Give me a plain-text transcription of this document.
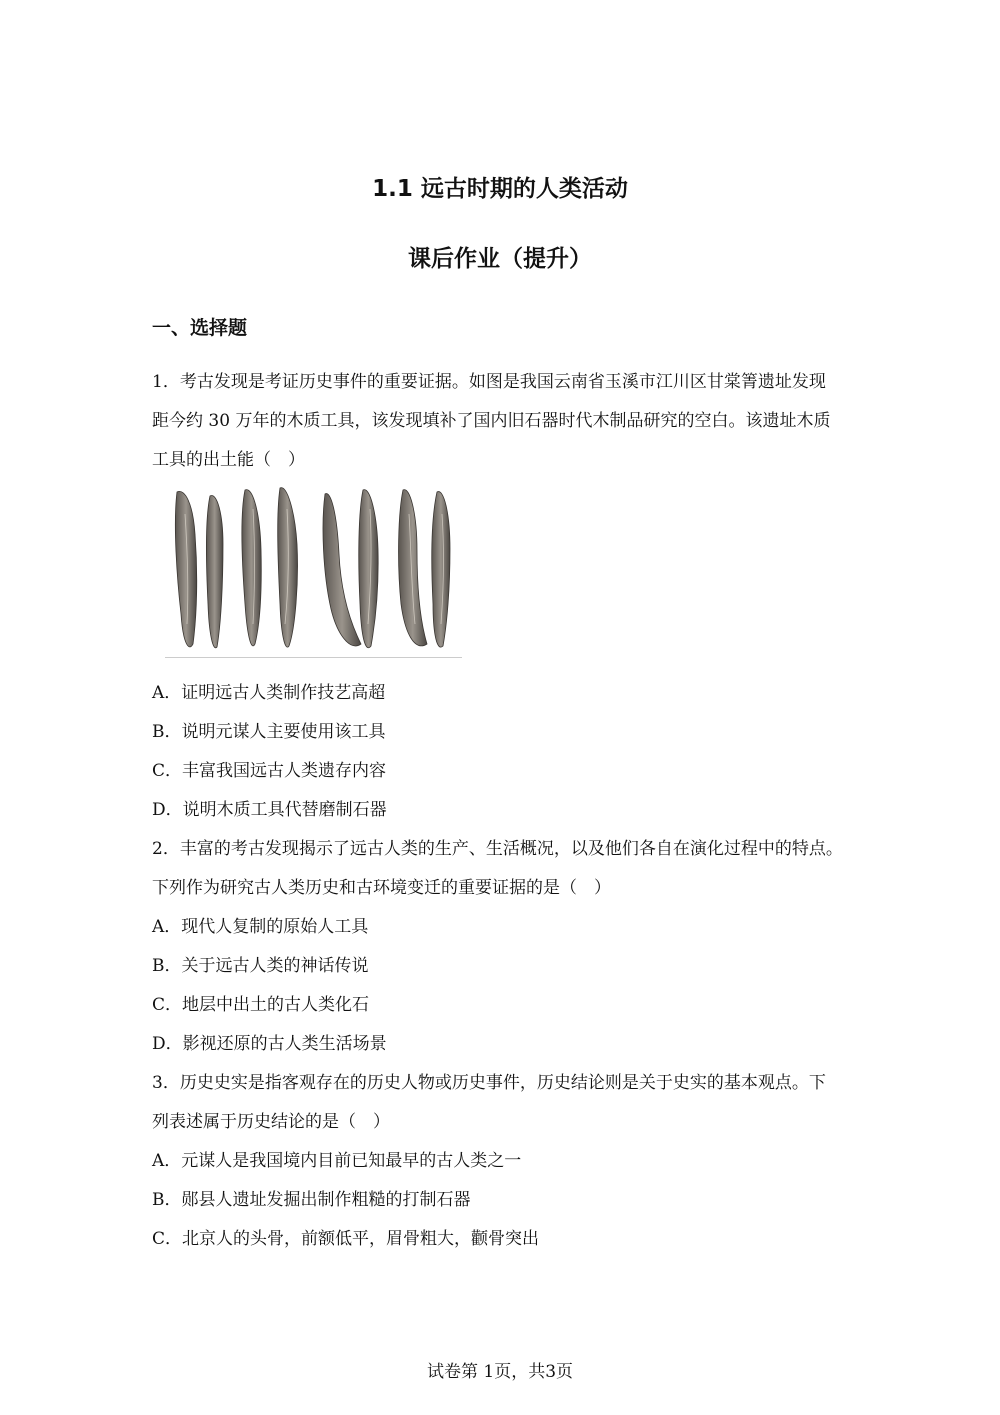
1.1 远古时期的人类活动
课后作业（提升）
一、选择题
1．考古发现是考证历史事件的重要证据。如图是我国云南省玉溪市江川区甘棠箐遗址发现
距今约 30 万年的木质工具，该发现填补了国内旧石器时代木制品研究的空白。该遗址木质
工具的出土能（　）
A．证明远古人类制作技艺高超
B．说明元谋人主要使用该工具
C．丰富我国远古人类遗存内容
D．说明木质工具代替磨制石器
2．丰富的考古发现揭示了远古人类的生产、生活概况，以及他们各自在演化过程中的特点。
下列作为研究古人类历史和古环境变迁的重要证据的是（　）
A．现代人复制的原始人工具
B．关于远古人类的神话传说
C．地层中出土的古人类化石
D．影视还原的古人类生活场景
3．历史史实是指客观存在的历史人物或历史事件，历史结论则是关于史实的基本观点。下
列表述属于历史结论的是（　）
A．元谋人是我国境内目前已知最早的古人类之一
B．郧县人遗址发掘出制作粗糙的打制石器
C．北京人的头骨，前额低平，眉骨粗大，颧骨突出
试卷第 1页，共3页
